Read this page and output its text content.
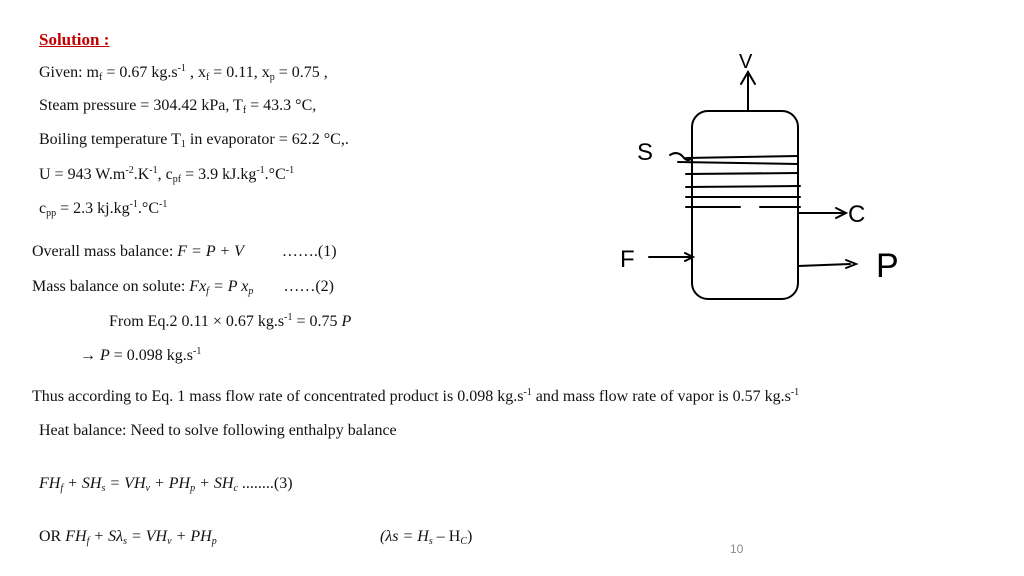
Solution :
Given: $m_f = 0.67$ $kg.s^{-1}$ , $x_f = 0.11$, $x_p = 0.75$ ,
Steam pressure = 304.42 kPa, $T_f = 43.3$ °C,
Boiling temperature $T_1$ in evaporator = 62.2 °C,.
U = 943 $W.m^{-2}.K^{-1}$, $c_{pf} = 3.9$ $kJ.kg^{-1}.^\circ C^{-1}$
$c_{pp} = 2.3$ $kj.kg^{-1}.^\circ C^{-1}$
Overall mass balance: F = P + V …….(1)
Mass balance on solute: $Fx_f = P$ $x_p$ ……(2)
From Eq.2 0.11 × 0.67 $kg.s^{-1} = 0.75$ P
→ P = 0.098 $kg.s^{-1}$
Thus according to Eq. 1 mass flow rate of concentrated product is 0.098 $kg.s^{-1}$ and mass flow rate of vapor is 0.57 $kg.s^{-1}$
Heat balance: Need to solve following enthalpy balance
$FH_f + SH_s = VH_v + PH_p + SH_c$ ........(3)
OR $FH_f + S\lambda_s = VH_v + PH_p$	$(\lambda s = H_s - H_C)$
S
V
C
F	P
10
